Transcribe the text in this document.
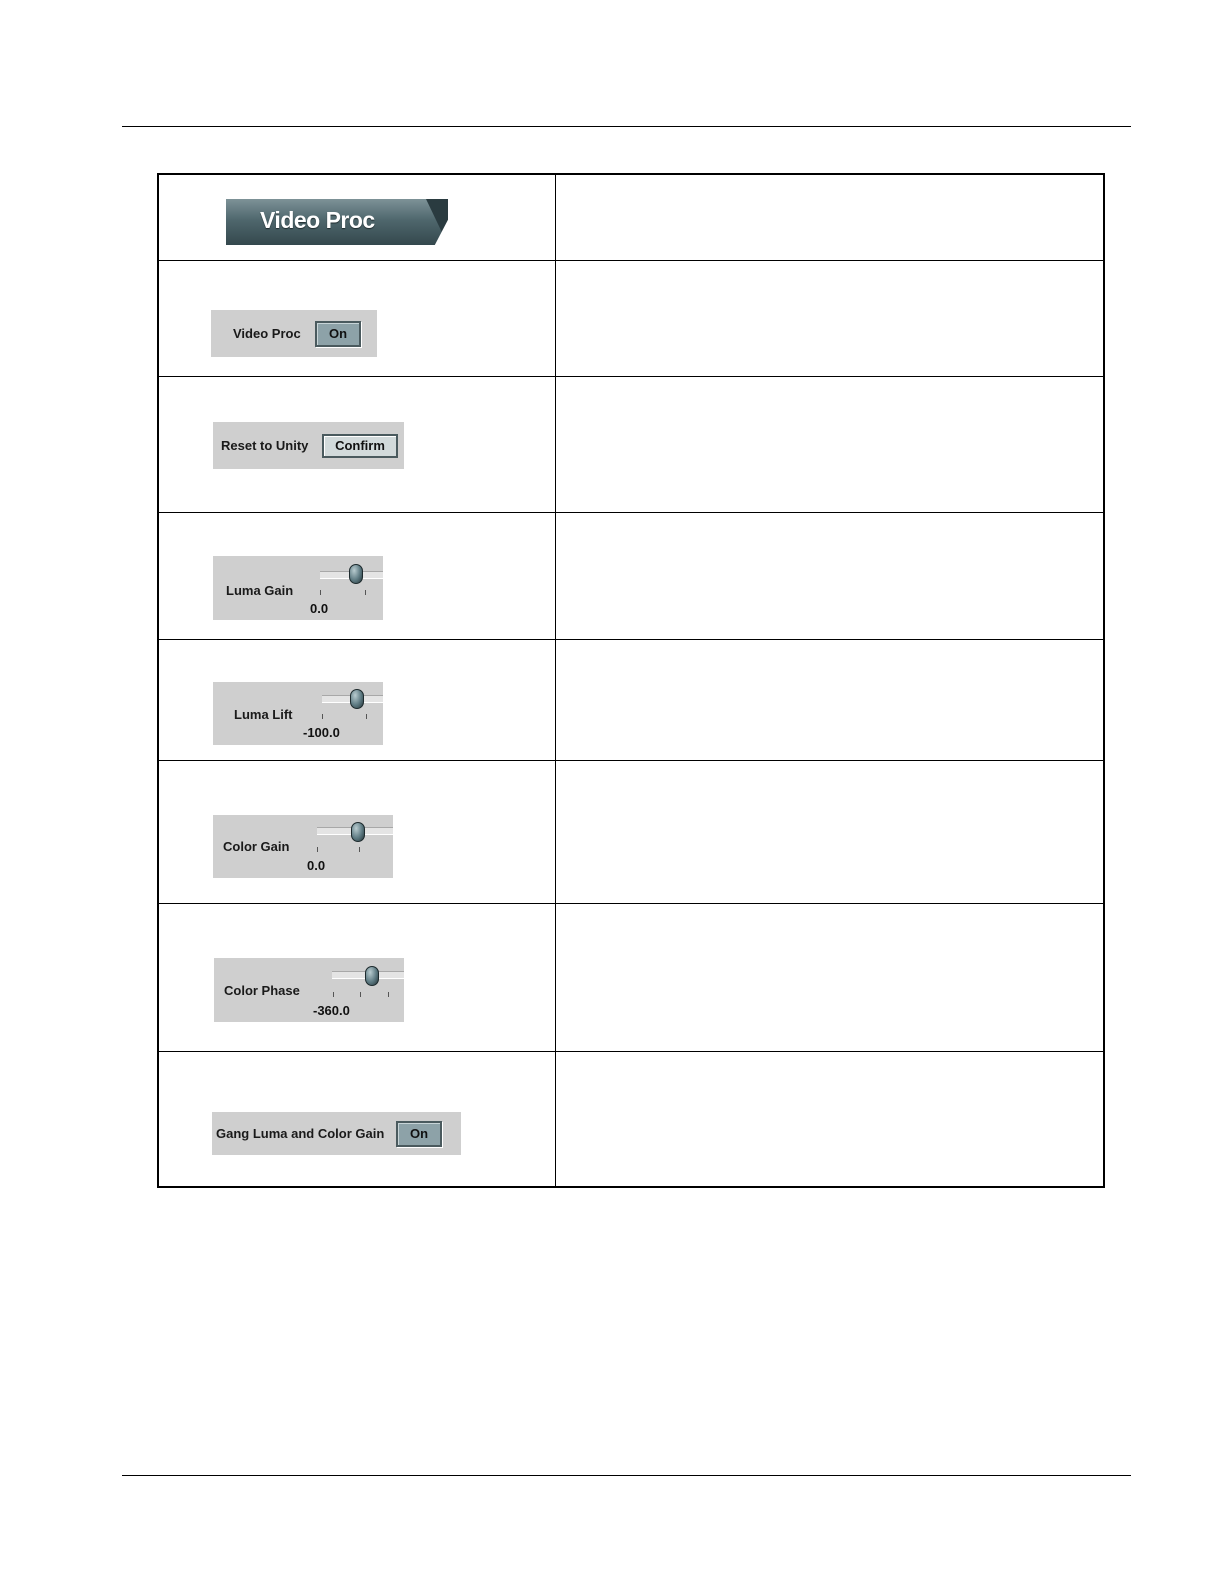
Video Proc	

Video Proc On	

Reset to Unity Confirm	

Luma Gain
0.0	

Luma Lift
-100.0	

Color Gain
0.0	

Color Phase
-360.0	

Gang Luma and Color Gain On	
